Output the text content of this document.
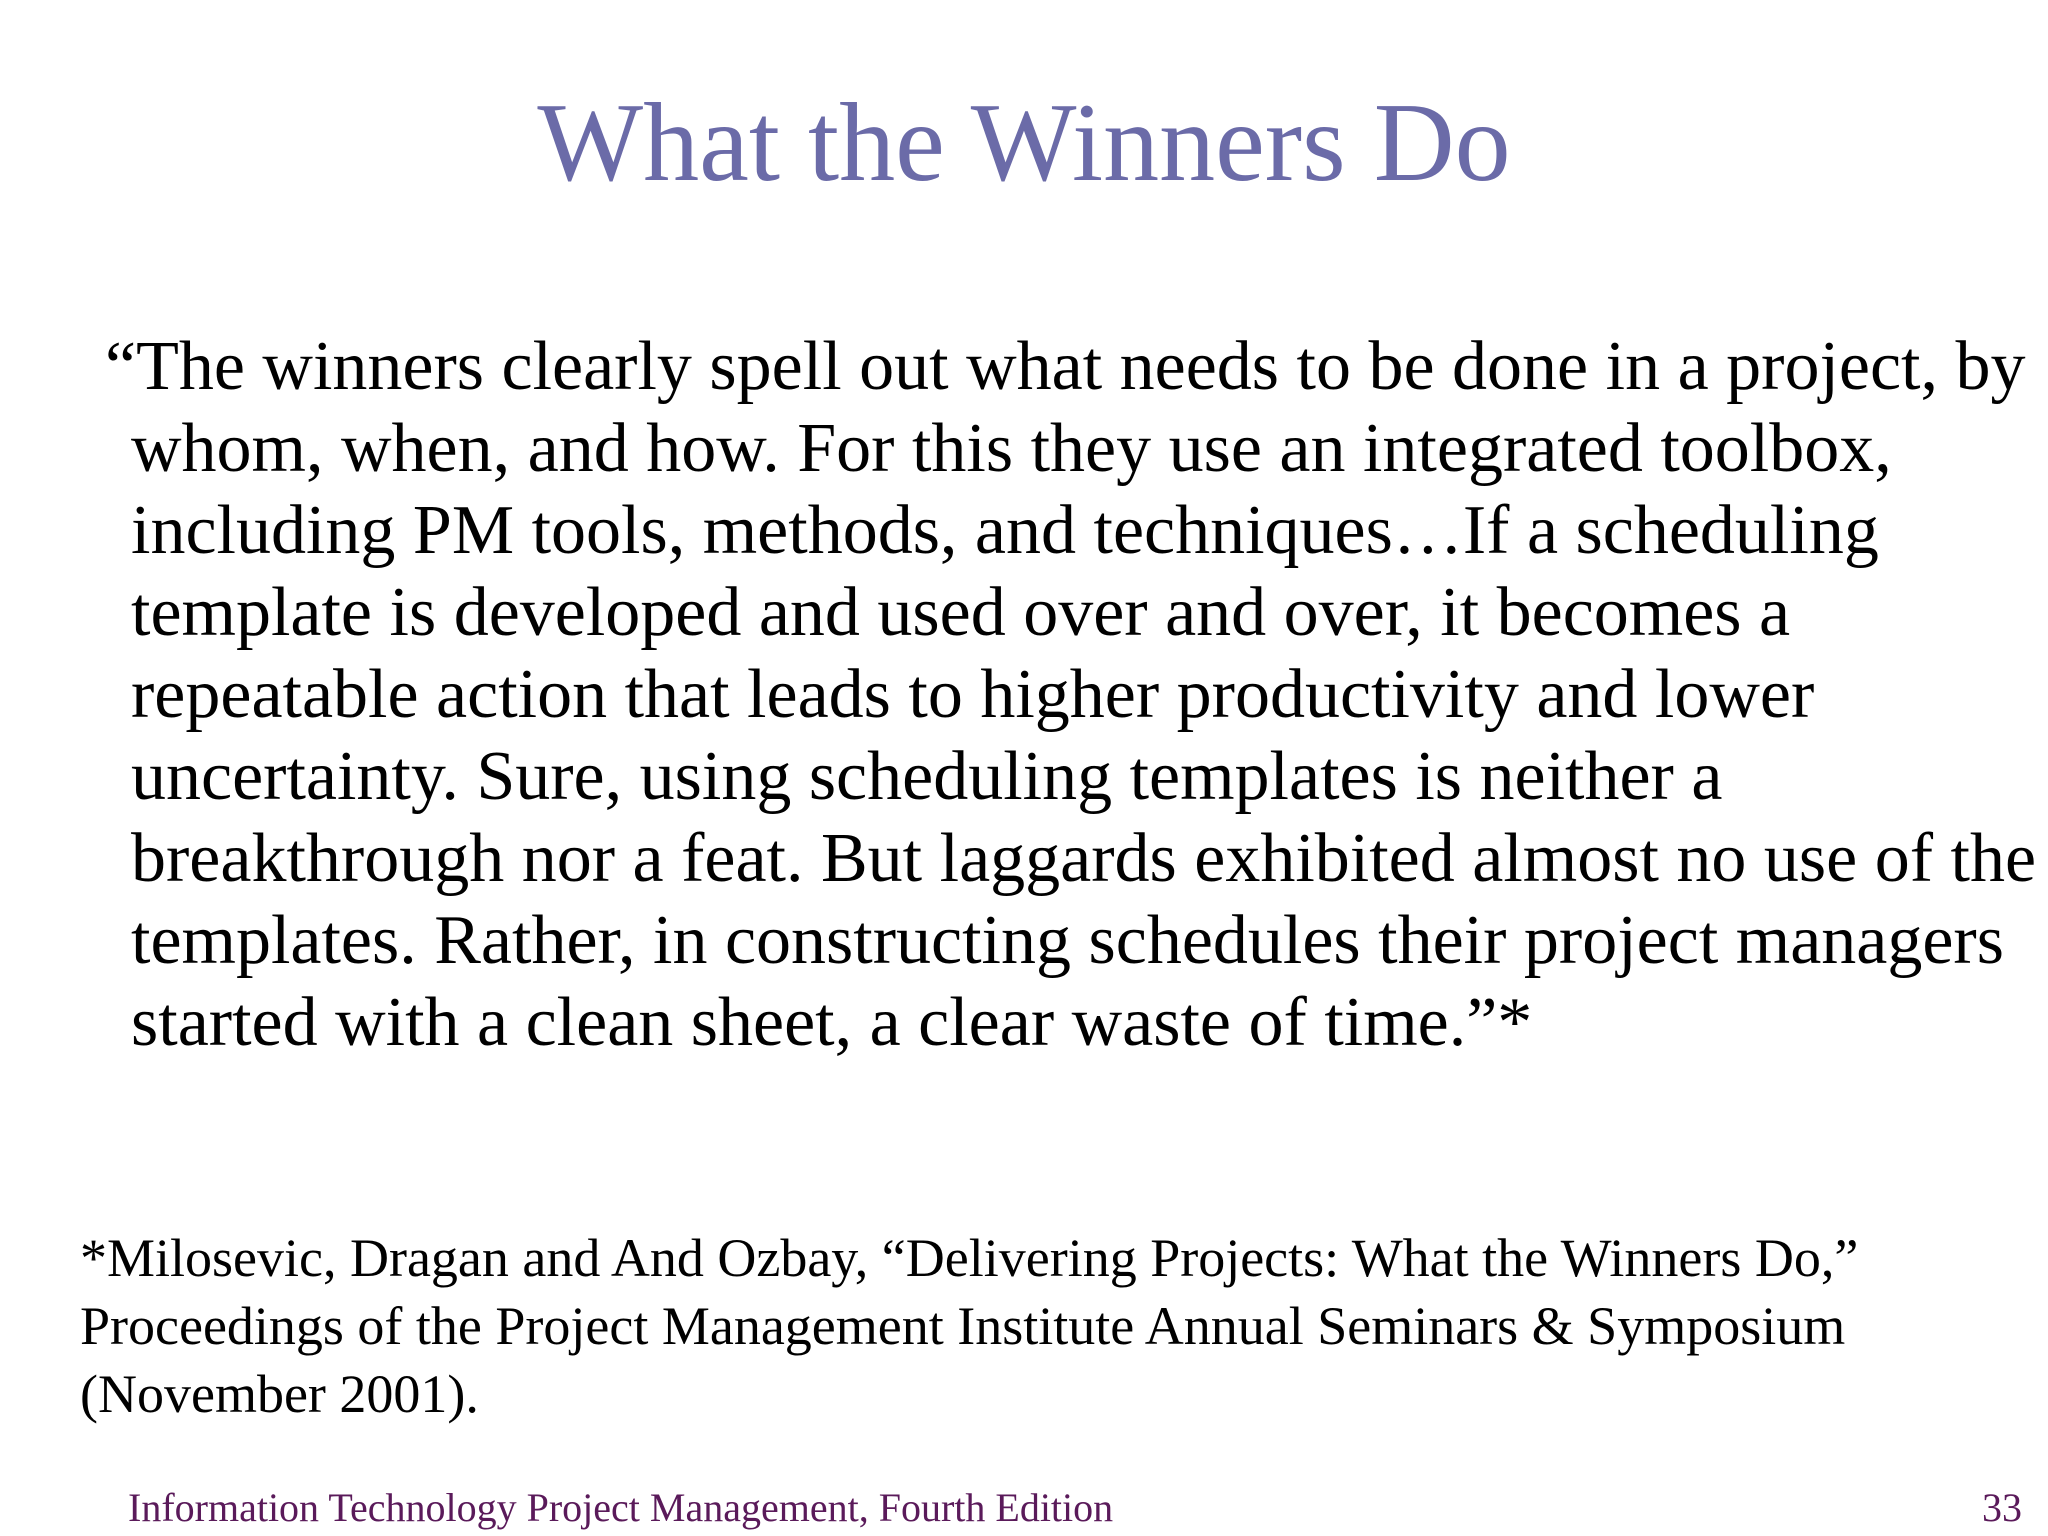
What the Winners Do
“The winners clearly spell out what needs to be done in a project, by
whom, when, and how. For this they use an integrated toolbox,
including PM tools, methods, and techniques…If a scheduling
template is developed and used over and over, it becomes a
repeatable action that leads to higher productivity and lower
uncertainty. Sure, using scheduling templates is neither a
breakthrough nor a feat. But laggards exhibited almost no use of the
templates. Rather, in constructing schedules their project managers
started with a clean sheet, a clear waste of time.”*
*Milosevic, Dragan and And Ozbay, “Delivering Projects: What the Winners Do,”
Proceedings of the Project Management Institute Annual Seminars & Symposium
(November 2001).
Information Technology Project Management, Fourth Edition	33
